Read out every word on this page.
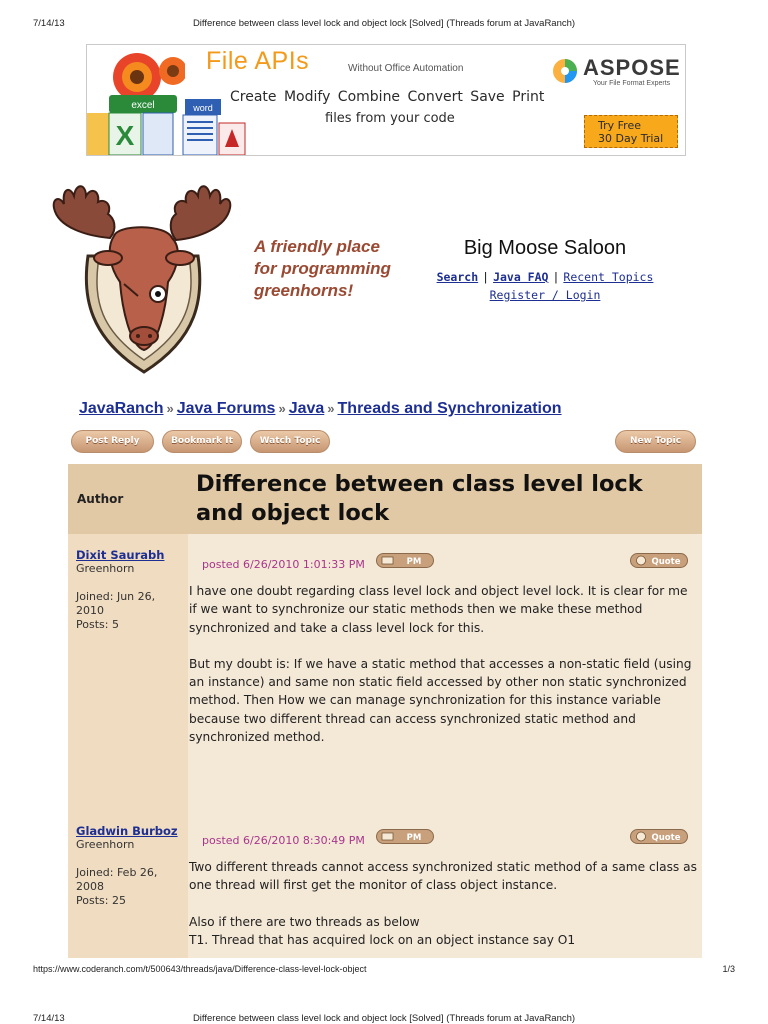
7/14/13	Difference between class level lock and object lock [Solved] (Threads forum at JavaRanch)
excel
X
word
File APIs	Without Office Automation
Create Modify Combine Convert Save Print
files from your code
ASPOSE
Your File Format Experts
Try Free
30 Day Trial
A friendly place for programming greenhorns!
Big Moose Saloon
Search | Java FAQ | Recent Topics
Register / Login
JavaRanch » Java Forums » Java » Threads and Synchronization
Post Reply	Bookmark It	Watch Topic	New Topic
Author
Difference between class level lock and object lock
Dixit Saurabh
Greenhorn
Joined: Jun 26, 2010
Posts: 5
posted 6/26/2010 1:01:33 PM	PM	Quote

I have one doubt regarding class level lock and object level lock. It is clear for me if we want to synchronize our static methods then we make these method synchronized and take a class level lock for this.

But my doubt is: If we have a static method that accesses a non-static field (using an instance) and same non static field accessed by other non static synchronized method. Then How we can manage synchronization for this instance variable because two different thread can access synchronized static method and synchronized method.

Gladwin Burboz
Greenhorn
Joined: Feb 26, 2008
Posts: 25
posted 6/26/2010 8:30:49 PM	PM	Quote

Two different threads cannot access synchronized static method of a same class as one thread will first get the monitor of class object instance.

Also if there are two threads as below
T1. Thread that has acquired lock on an object instance say O1

https://www.coderanch.com/t/500643/threads/java/Difference-class-level-lock-object	1/3
7/14/13	Difference between class level lock and object lock [Solved] (Threads forum at JavaRanch)
